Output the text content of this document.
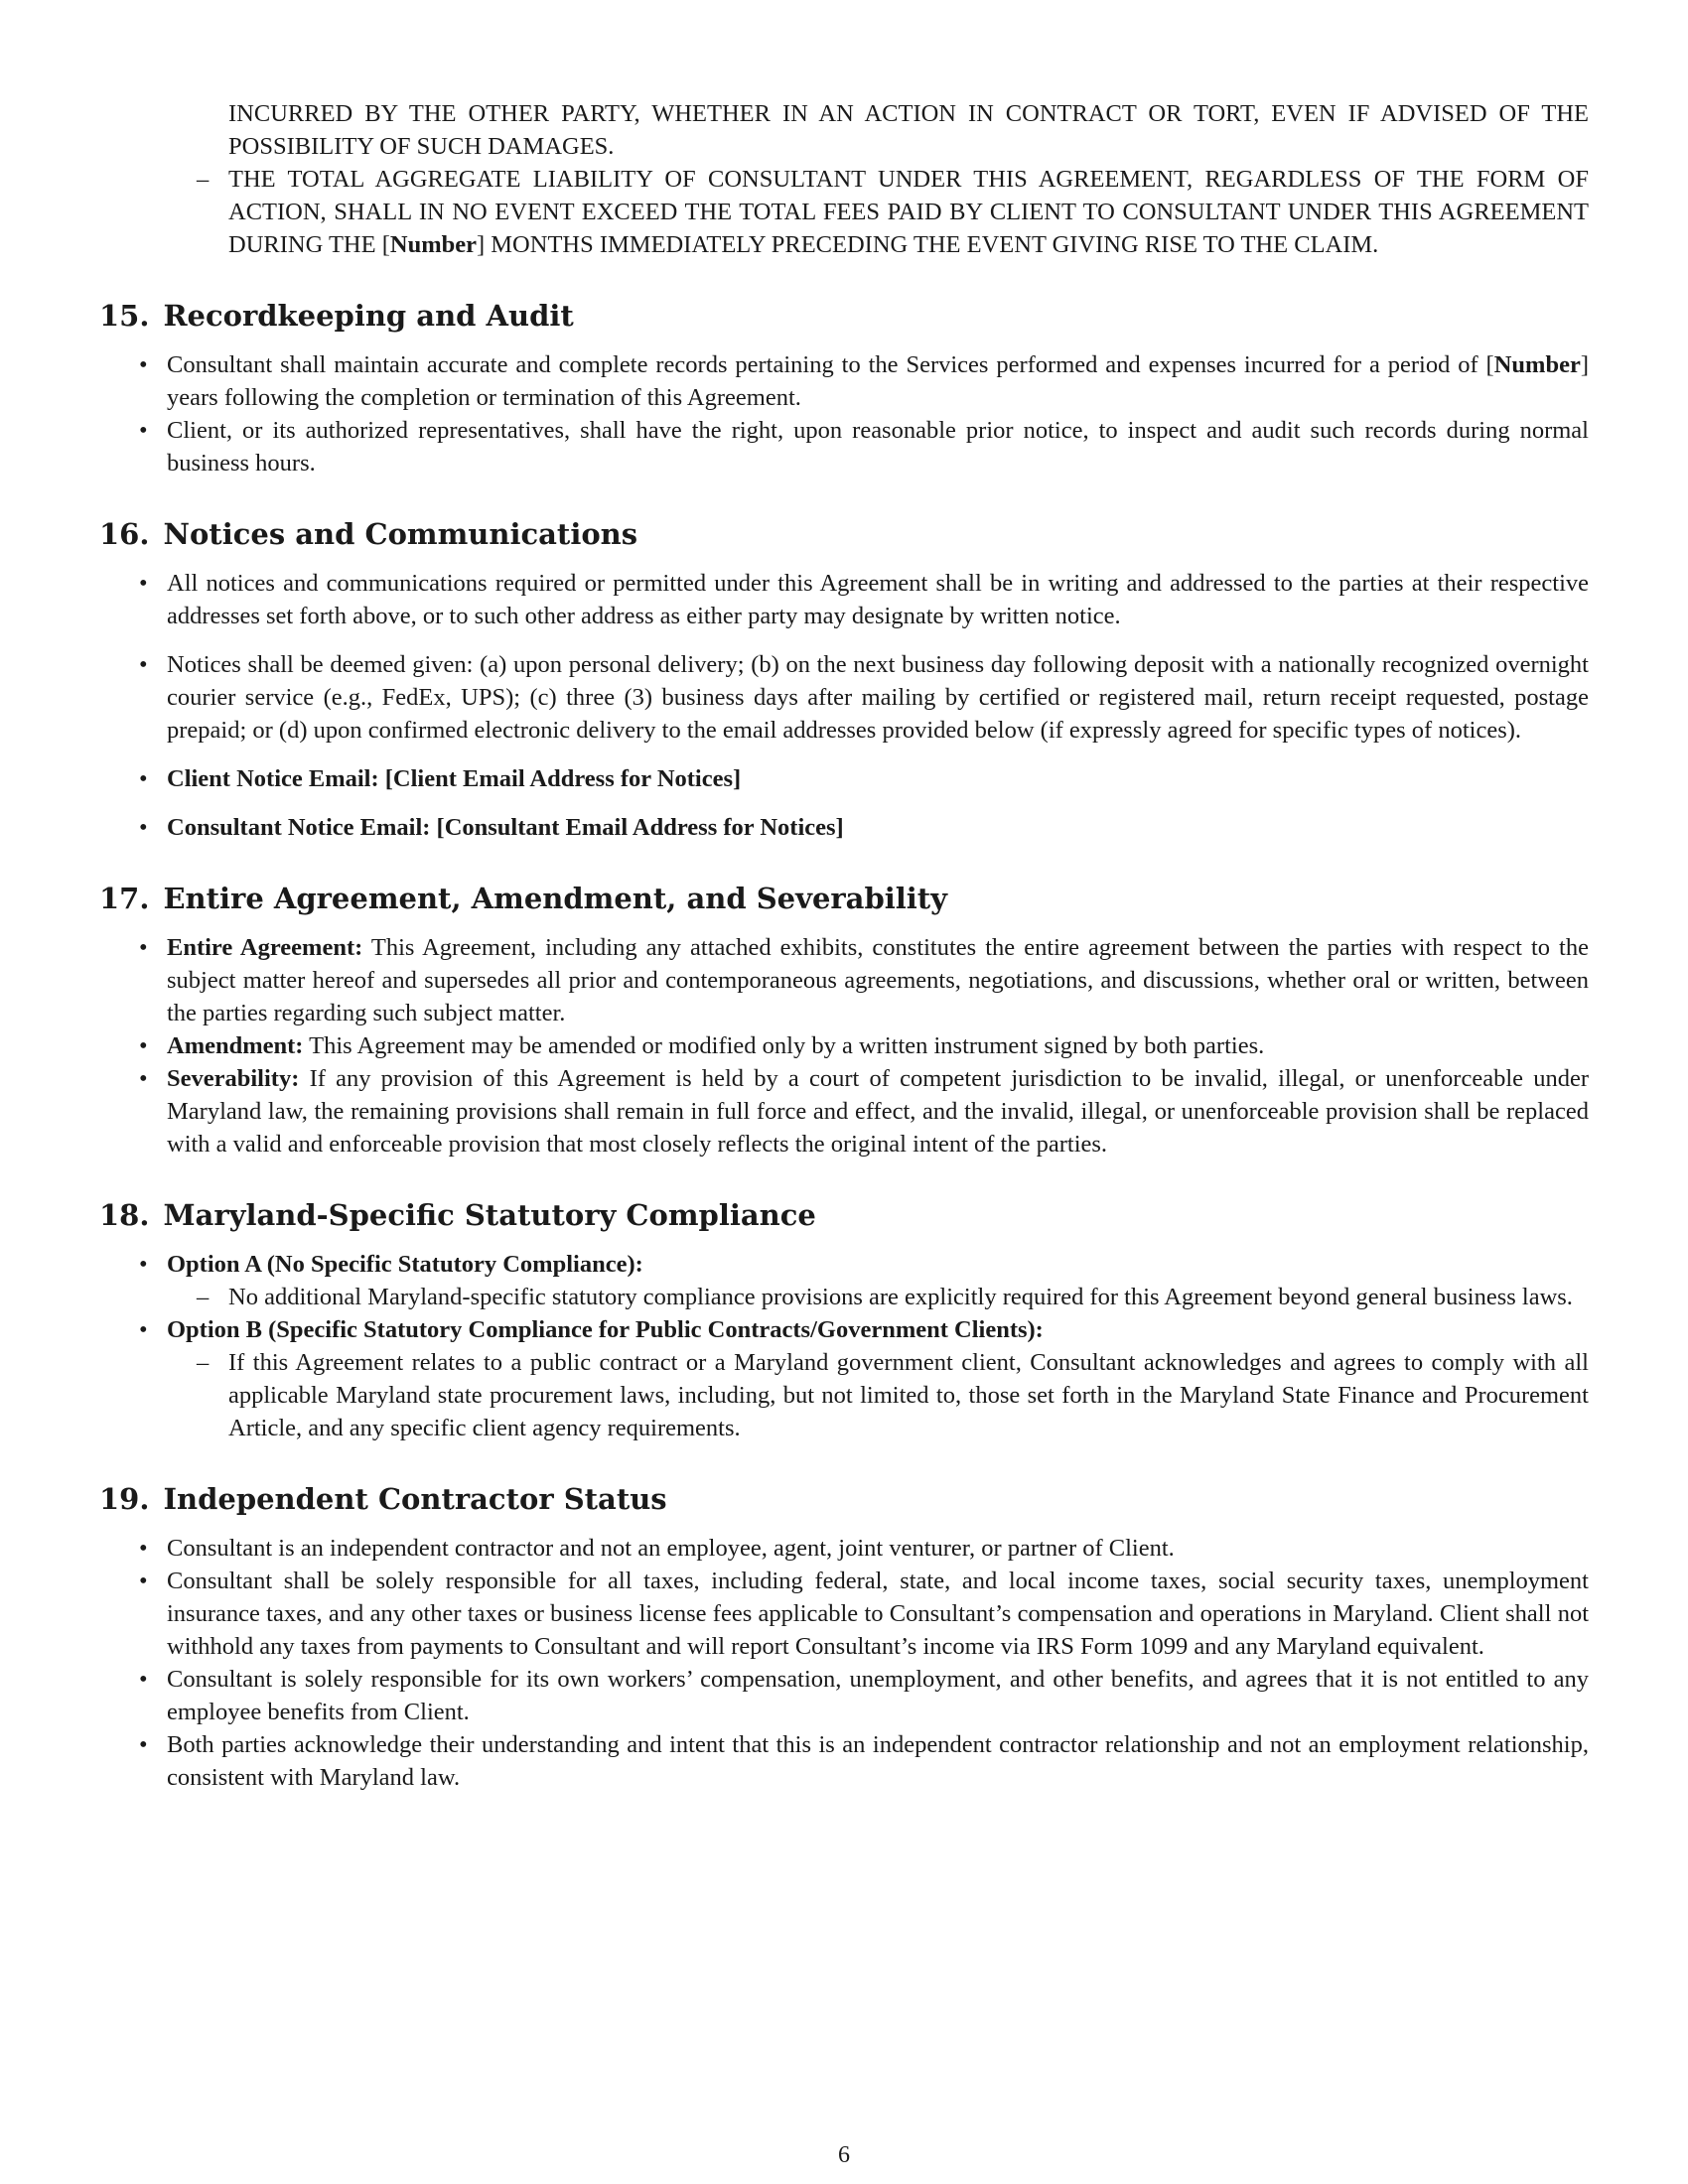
INCURRED BY THE OTHER PARTY, WHETHER IN AN ACTION IN CONTRACT OR TORT, EVEN IF ADVISED OF THE POSSIBILITY OF SUCH DAMAGES.
– THE TOTAL AGGREGATE LIABILITY OF CONSULTANT UNDER THIS AGREEMENT, REGARDLESS OF THE FORM OF ACTION, SHALL IN NO EVENT EXCEED THE TOTAL FEES PAID BY CLIENT TO CONSULTANT UNDER THIS AGREEMENT DURING THE [Number] MONTHS IMMEDIATELY PRECEDING THE EVENT GIVING RISE TO THE CLAIM.
15. Recordkeeping and Audit
• Consultant shall maintain accurate and complete records pertaining to the Services performed and expenses incurred for a period of [Number] years following the completion or termination of this Agreement.
• Client, or its authorized representatives, shall have the right, upon reasonable prior notice, to inspect and audit such records during normal business hours.
16. Notices and Communications
• All notices and communications required or permitted under this Agreement shall be in writing and addressed to the parties at their respective addresses set forth above, or to such other address as either party may designate by written notice.
• Notices shall be deemed given: (a) upon personal delivery; (b) on the next business day following deposit with a nationally recognized overnight courier service (e.g., FedEx, UPS); (c) three (3) business days after mailing by certified or registered mail, return receipt requested, postage prepaid; or (d) upon confirmed electronic delivery to the email addresses provided below (if expressly agreed for specific types of notices).
• Client Notice Email: [Client Email Address for Notices]
• Consultant Notice Email: [Consultant Email Address for Notices]
17. Entire Agreement, Amendment, and Severability
• Entire Agreement: This Agreement, including any attached exhibits, constitutes the entire agreement between the parties with respect to the subject matter hereof and supersedes all prior and contemporaneous agreements, negotiations, and discussions, whether oral or written, between the parties regarding such subject matter.
• Amendment: This Agreement may be amended or modified only by a written instrument signed by both parties.
• Severability: If any provision of this Agreement is held by a court of competent jurisdiction to be invalid, illegal, or unenforceable under Maryland law, the remaining provisions shall remain in full force and effect, and the invalid, illegal, or unenforceable provision shall be replaced with a valid and enforceable provision that most closely reflects the original intent of the parties.
18. Maryland-Specific Statutory Compliance
• Option A (No Specific Statutory Compliance):
– No additional Maryland-specific statutory compliance provisions are explicitly required for this Agreement beyond general business laws.
• Option B (Specific Statutory Compliance for Public Contracts/Government Clients):
– If this Agreement relates to a public contract or a Maryland government client, Consultant acknowledges and agrees to comply with all applicable Maryland state procurement laws, including, but not limited to, those set forth in the Maryland State Finance and Procurement Article, and any specific client agency requirements.
19. Independent Contractor Status
• Consultant is an independent contractor and not an employee, agent, joint venturer, or partner of Client.
• Consultant shall be solely responsible for all taxes, including federal, state, and local income taxes, social security taxes, unemployment insurance taxes, and any other taxes or business license fees applicable to Consultant’s compensation and operations in Maryland. Client shall not withhold any taxes from payments to Consultant and will report Consultant’s income via IRS Form 1099 and any Maryland equivalent.
• Consultant is solely responsible for its own workers’ compensation, unemployment, and other benefits, and agrees that it is not entitled to any employee benefits from Client.
• Both parties acknowledge their understanding and intent that this is an independent contractor relationship and not an employment relationship, consistent with Maryland law.
6
